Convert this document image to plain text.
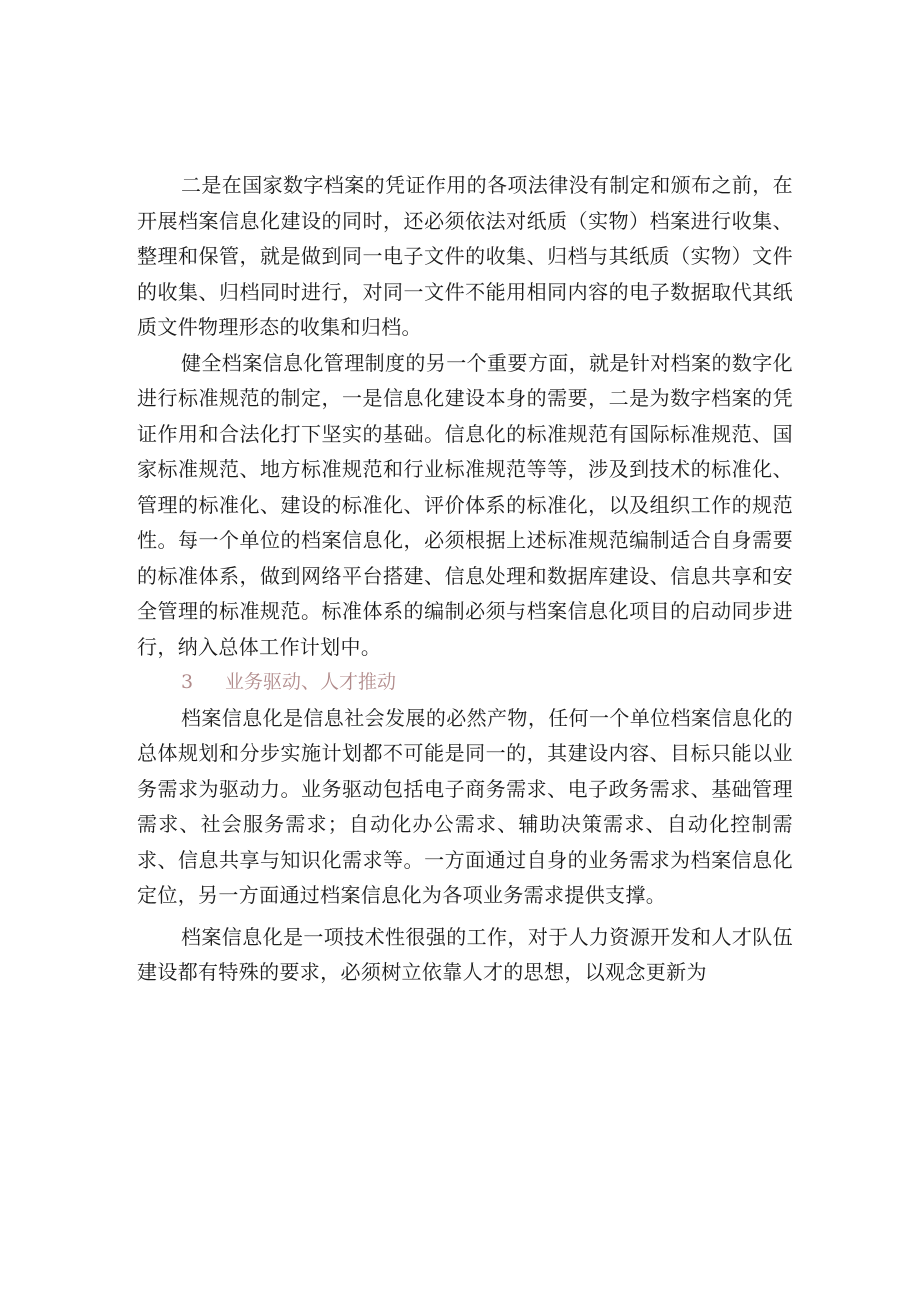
二是在国家数字档案的凭证作用的各项法律没有制定和颁布之前，在开展档案信息化建设的同时，还必须依法对纸质（实物）档案进行收集、整理和保管，就是做到同一电子文件的收集、归档与其纸质（实物）文件的收集、归档同时进行，对同一文件不能用相同内容的电子数据取代其纸质文件物理形态的收集和归档。

健全档案信息化管理制度的另一个重要方面，就是针对档案的数字化进行标准规范的制定，一是信息化建设本身的需要，二是为数字档案的凭证作用和合法化打下坚实的基础。信息化的标准规范有国际标准规范、国家标准规范、地方标准规范和行业标准规范等等，涉及到技术的标准化、管理的标准化、建设的标准化、评价体系的标准化，以及组织工作的规范性。每一个单位的档案信息化，必须根据上述标准规范编制适合自身需要的标准体系，做到网络平台搭建、信息处理和数据库建设、信息共享和安全管理的标准规范。标准体系的编制必须与档案信息化项目的启动同步进行，纳入总体工作计划中。

3 业务驱动、人才推动

档案信息化是信息社会发展的必然产物，任何一个单位档案信息化的总体规划和分步实施计划都不可能是同一的，其建设内容、目标只能以业务需求为驱动力。业务驱动包括电子商务需求、电子政务需求、基础管理需求、社会服务需求；自动化办公需求、辅助决策需求、自动化控制需求、信息共享与知识化需求等。一方面通过自身的业务需求为档案信息化定位，另一方面通过档案信息化为各项业务需求提供支撑。

档案信息化是一项技术性很强的工作，对于人力资源开发和人才队伍建设都有特殊的要求，必须树立依靠人才的思想，以观念更新为
